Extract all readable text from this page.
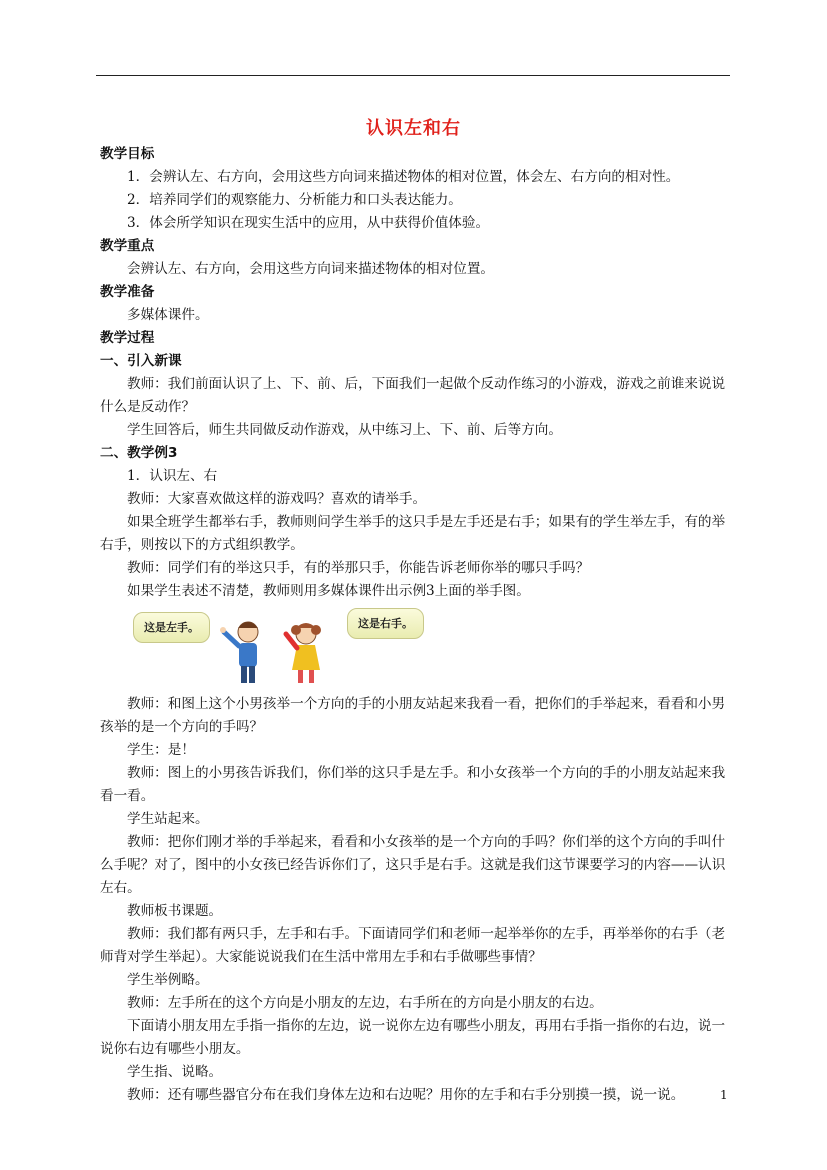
认识左和右
教学目标
1．会辨认左、右方向，会用这些方向词来描述物体的相对位置，体会左、右方向的相对性。
2．培养同学们的观察能力、分析能力和口头表达能力。
3．体会所学知识在现实生活中的应用，从中获得价值体验。
教学重点
会辨认左、右方向，会用这些方向词来描述物体的相对位置。
教学准备
多媒体课件。
教学过程
一、引入新课
教师：我们前面认识了上、下、前、后，下面我们一起做个反动作练习的小游戏，游戏之前谁来说说什么是反动作？
学生回答后，师生共同做反动作游戏，从中练习上、下、前、后等方向。
二、教学例3
1．认识左、右
教师：大家喜欢做这样的游戏吗？喜欢的请举手。
如果全班学生都举右手，教师则问学生举手的这只手是左手还是右手；如果有的学生举左手，有的举右手，则按以下的方式组织教学。
教师：同学们有的举这只手，有的举那只手，你能告诉老师你举的哪只手吗？
如果学生表述不清楚，教师则用多媒体课件出示例3上面的举手图。
这是左手。	这是右手。
教师：和图上这个小男孩举一个方向的手的小朋友站起来我看一看，把你们的手举起来，看看和小男孩举的是一个方向的手吗？
学生：是！
教师：图上的小男孩告诉我们，你们举的这只手是左手。和小女孩举一个方向的手的小朋友站起来我看一看。
学生站起来。
教师：把你们刚才举的手举起来，看看和小女孩举的是一个方向的手吗？你们举的这个方向的手叫什么手呢？对了，图中的小女孩已经告诉你们了，这只手是右手。这就是我们这节课要学习的内容——认识左右。
教师板书课题。
教师：我们都有两只手，左手和右手。下面请同学们和老师一起举举你的左手，再举举你的右手（老师背对学生举起）。大家能说说我们在生活中常用左手和右手做哪些事情？
学生举例略。
教师：左手所在的这个方向是小朋友的左边，右手所在的方向是小朋友的右边。
下面请小朋友用左手指一指你的左边，说一说你左边有哪些小朋友，再用右手指一指你的右边，说一说你右边有哪些小朋友。
学生指、说略。
教师：还有哪些器官分布在我们身体左边和右边呢？用你的左手和右手分别摸一摸，说一说。	1
